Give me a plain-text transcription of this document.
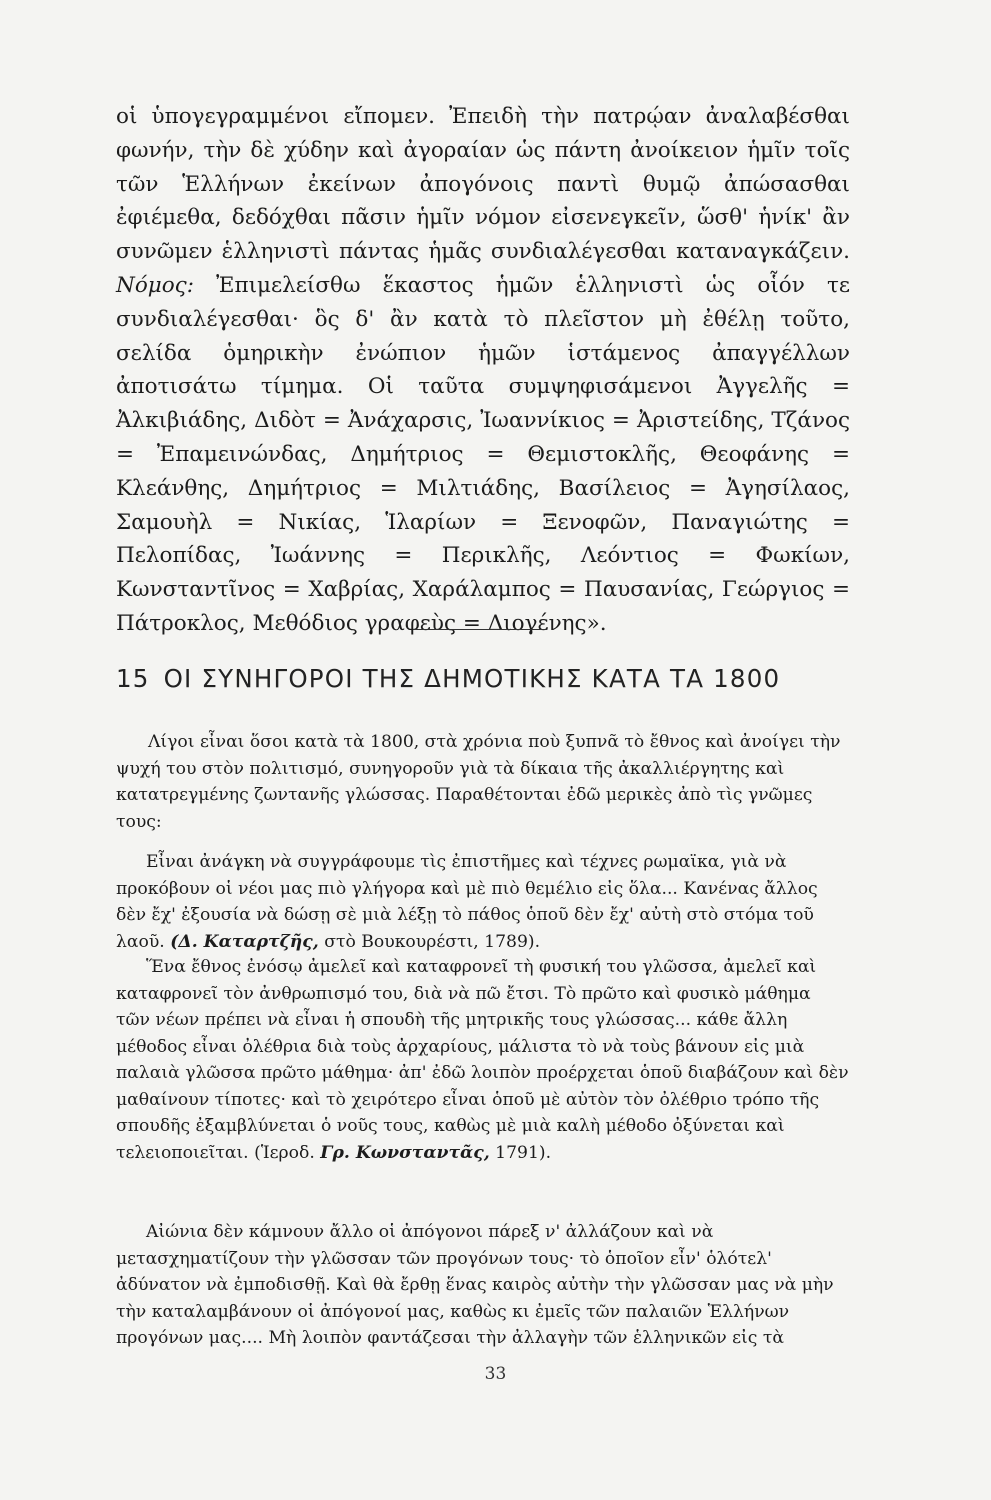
οἱ ὑπογεγραμμένοι εἴπομεν. Ἐπειδὴ τὴν πατρῴαν ἀναλαβέσθαι φωνήν, τὴν δὲ χύδην καὶ ἀγοραίαν ὡς πάντη ἀνοίκειον ἡμῖν τοῖς τῶν Ἑλλήνων ἐκείνων ἀπογόνοις παντὶ θυμῷ ἀπώσασθαι ἐφιέμεθα, δεδόχθαι πᾶσιν ἡμῖν νόμον εἰσενεγκεῖν, ὥσθ' ἡνίκ' ἂν συνῶμεν ἑλληνιστὶ πάντας ἡμᾶς συνδιαλέγεσθαι καταναγκάζειν. Νόμος: Ἐπιμελείσθω ἕκαστος ἡμῶν ἑλληνιστὶ ὡς οἷόν τε συνδιαλέγεσθαι· ὃς δ' ἂν κατὰ τὸ πλεῖστον μὴ ἐθέλῃ τοῦτο, σελίδα ὁμηρικὴν ἐνώπιον ἡμῶν ἱστάμενος ἀπαγγέλλων ἀποτισάτω τίμημα. Οἱ ταῦτα συμψηφισάμενοι Ἀγγελῆς = Ἀλκιβιάδης, Διδὸτ = Ἀνάχαρσις, Ἰωαννίκιος = Ἀριστείδης, Τζάνος = Ἐπαμεινώνδας, Δημήτριος = Θεμιστοκλῆς, Θεοφάνης = Κλεάνθης, Δημήτριος = Μιλτιάδης, Βασίλειος = Ἀγησίλαος, Σαμουὴλ = Νικίας, Ἱλαρίων = Ξενοφῶν, Παναγιώτης = Πελοπίδας, Ἰωάννης = Περικλῆς, Λεόντιος = Φωκίων, Κωνσταντῖνος = Χαβρίας, Χαράλαμπος = Παυσανίας, Γεώργιος = Πάτροκλος, Μεθόδιος γραφεὺς = Διογένης».

15 ΟΙ ΣΥΝΗΓΟΡΟΙ ΤΗΣ ΔΗΜΟΤΙΚΗΣ ΚΑΤΑ ΤΑ 1800

Λίγοι εἶναι ὅσοι κατὰ τὰ 1800, στὰ χρόνια ποὺ ξυπνᾶ τὸ ἔθνος καὶ ἀνοίγει τὴν ψυχή του στὸν πολιτισμό, συνηγοροῦν γιὰ τὰ δίκαια τῆς ἀκαλλιέργητης καὶ κατατρεγμένης ζωντανῆς γλώσσας. Παραθέτονται ἐδῶ μερικὲς ἀπὸ τὶς γνῶμες τους:

Εἶναι ἀνάγκη νὰ συγγράφουμε τὶς ἐπιστῆμες καὶ τέχνες ρωμαϊκα, γιὰ νὰ προκόβουν οἱ νέοι μας πιὸ γλήγορα καὶ μὲ πιὸ θεμέλιο εἰς ὅλα... Κανένας ἄλλος δὲν ἔχ' ἐξουσία νὰ δώσῃ σὲ μιὰ λέξῃ τὸ πάθος ὁποῦ δὲν ἔχ' αὐτὴ στὸ στόμα τοῦ λαοῦ. (Δ. Καταρτζῆς, στὸ Βουκουρέστι, 1789).

Ἕνα ἔθνος ἐνόσῳ ἀμελεῖ καὶ καταφρονεῖ τὴ φυσική του γλῶσσα, ἀμελεῖ καὶ καταφρονεῖ τὸν ἀνθρωπισμό του, διὰ νὰ πῶ ἔτσι. Τὸ πρῶτο καὶ φυσικὸ μάθημα τῶν νέων πρέπει νὰ εἶναι ἡ σπουδὴ τῆς μητρικῆς τους γλώσσας... κάθε ἄλλη μέθοδος εἶναι ὀλέθρια διὰ τοὺς ἀρχαρίους, μάλιστα τὸ νὰ τοὺς βάνουν εἰς μιὰ παλαιὰ γλῶσσα πρῶτο μάθημα· ἀπ' ἐδῶ λοιπὸν προέρχεται ὁποῦ διαβάζουν καὶ δὲν μαθαίνουν τίποτες· καὶ τὸ χειρότερο εἶναι ὁποῦ μὲ αὐτὸν τὸν ὀλέθριο τρόπο τῆς σπουδῆς ἐξαμβλύνεται ὁ νοῦς τους, καθὼς μὲ μιὰ καλὴ μέθοδο ὀξύνεται καὶ τελειοποιεῖται. (Ἱεροδ. Γρ. Κωνσταντᾶς, 1791).

Αἰώνια δὲν κάμνουν ἄλλο οἱ ἀπόγονοι πάρεξ ν' ἀλλάζουν καὶ νὰ μετασχηματίζουν τὴν γλῶσσαν τῶν προγόνων τους· τὸ ὁποῖον εἶν' ὁλότελ' ἀδύνατον νὰ ἐμποδισθῇ. Καὶ θὰ ἔρθῃ ἕνας καιρὸς αὐτὴν τὴν γλῶσσαν μας νὰ μὴν τὴν καταλαμβάνουν οἱ ἀπόγονοί μας, καθὼς κι ἐμεῖς τῶν παλαιῶν Ἑλλήνων προγόνων μας.... Μὴ λοιπὸν φαντάζεσαι τὴν ἀλλαγὴν τῶν ἑλληνικῶν εἰς τὰ

33
